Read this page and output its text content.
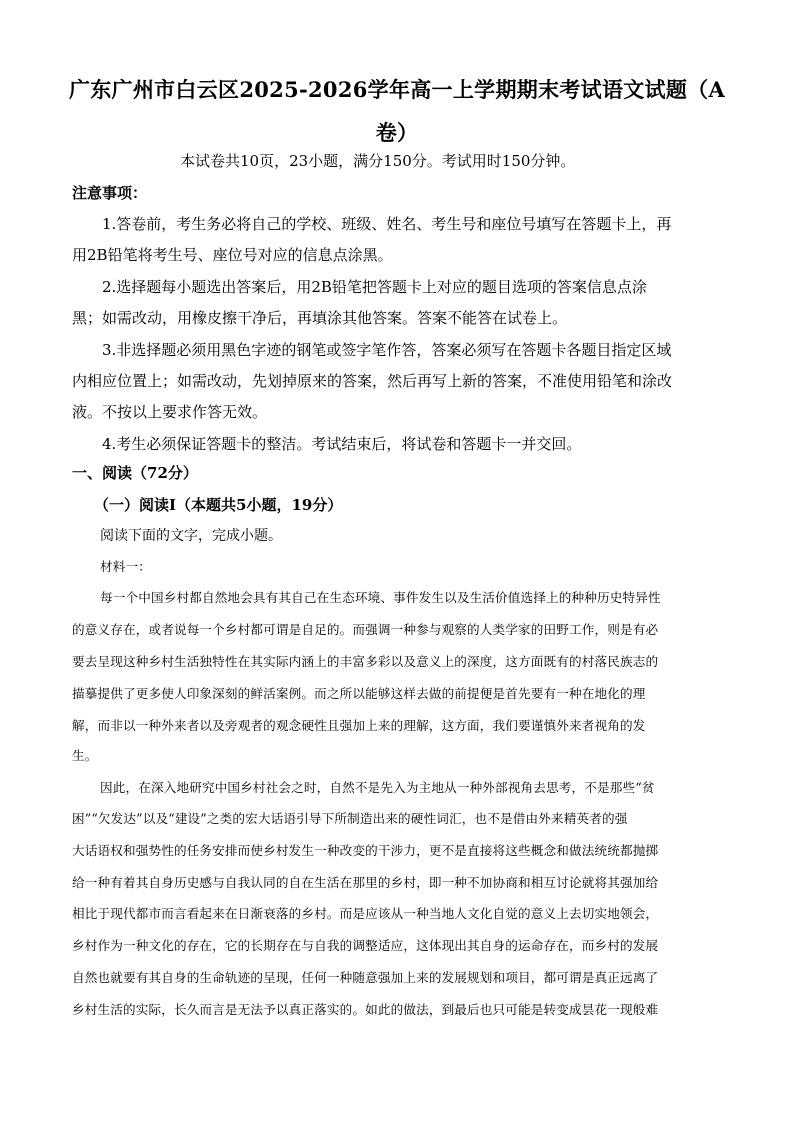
广东广州市白云区2025-2026学年高一上学期期末考试语文试题（A卷）
本试卷共10页，23小题，满分150分。考试用时150分钟。
注意事项：
1.答卷前，考生务必将自己的学校、班级、姓名、考生号和座位号填写在答题卡上，再
用2B铅笔将考生号、座位号对应的信息点涂黑。
2.选择题每小题选出答案后，用2B铅笔把答题卡上对应的题目选项的答案信息点涂
黑；如需改动，用橡皮擦干净后，再填涂其他答案。答案不能答在试卷上。
3.非选择题必须用黑色字迹的钢笔或签字笔作答，答案必须写在答题卡各题目指定区域
内相应位置上；如需改动，先划掉原来的答案，然后再写上新的答案，不准使用铅笔和涂改
液。不按以上要求作答无效。
4.考生必须保证答题卡的整洁。考试结束后，将试卷和答题卡一并交回。
一、阅读（72分）
（一）阅读Ⅰ（本题共5小题，19分）
阅读下面的文字，完成小题。
材料一：
每一个中国乡村都自然地会具有其自己在生态环境、事件发生以及生活价值选择上的种种历史特异性
的意义存在，或者说每一个乡村都可谓是自足的。而强调一种参与观察的人类学家的田野工作，则是有必
要去呈现这种乡村生活独特性在其实际内涵上的丰富多彩以及意义上的深度，这方面既有的村落民族志的
描摹提供了更多使人印象深刻的鲜活案例。而之所以能够这样去做的前提便是首先要有一种在地化的理
解，而非以一种外来者以及旁观者的观念硬性且强加上来的理解，这方面，我们要谨慎外来者视角的发
生。
因此，在深入地研究中国乡村社会之时，自然不是先入为主地从一种外部视角去思考，不是那些“贫
困”“欠发达”以及“建设”之类的宏大话语引导下所制造出来的硬性词汇，也不是借由外来精英者的强
大话语权和强势性的任务安排而使乡村发生一种改变的干涉力，更不是直接将这些概念和做法统统都抛掷
给一种有着其自身历史感与自我认同的自在生活在那里的乡村，即一种不加协商和相互讨论就将其强加给
相比于现代都市而言看起来在日渐衰落的乡村。而是应该从一种当地人文化自觉的意义上去切实地领会，
乡村作为一种文化的存在，它的长期存在与自我的调整适应，这体现出其自身的运命存在，而乡村的发展
自然也就要有其自身的生命轨迹的呈现，任何一种随意强加上来的发展规划和项目，都可谓是真正远离了
乡村生活的实际，长久而言是无法予以真正落实的。如此的做法，到最后也只可能是转变成昙花一现般难
